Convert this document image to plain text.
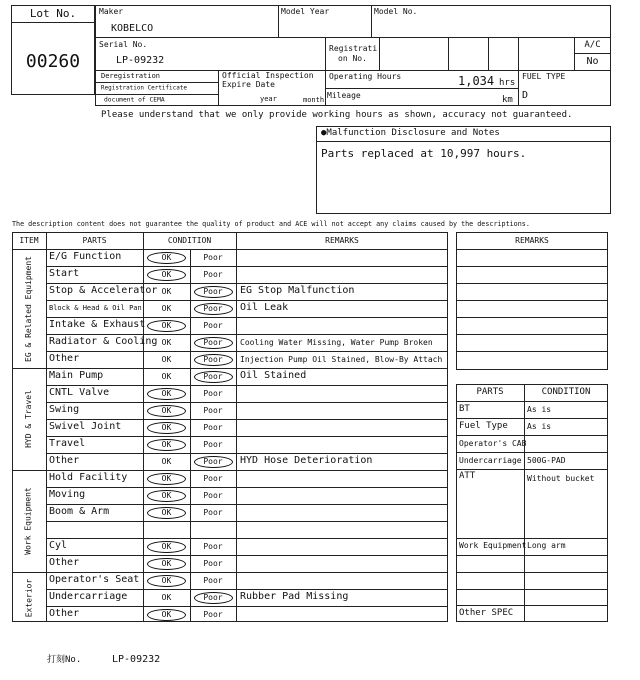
Lot No.
00260
Maker
KOBELCO
Model Year	Model No.
Serial No.
LP-09232
Registrati
on No.
A/C
No
Deregistration
Registration Certificate
document of CEMA
Official Inspection
Expire Date
year	month
Operating Hours	1,034 hrs
Mileage	km
FUEL TYPE
D
Please understand that we only provide working hours as shown, accuracy not guaranteed.
●Malfunction Disclosure and Notes
Parts replaced at 10,997 hours.
The description content does not guarantee the quality of product and ACE will not accept any claims caused by the descriptions.
ITEM	PARTS	CONDITION	REMARKS
E/G Function	OK	Poor
Start	OK	Poor
Stop & Accelerator OK	Poor	EG Stop Malfunction
Block & Head & Oil Pan	OK	Poor	Oil Leak
Intake & Exhaust	OK	Poor
Radiator & Cooling OK	Poor	Cooling Water Missing, Water Pump Broken
Other	OK	Poor	Injection Pump Oil Stained, Blow-By Attach
EG & Related Equipment
Main Pump	OK	Poor	Oil Stained
CNTL Valve	OK	Poor
Swing	OK	Poor
Swivel Joint	OK	Poor
Travel	OK	Poor
Other	OK	Poor	HYD Hose Deterioration
HYD & Travel
Hold Facility	OK	Poor
Moving	OK	Poor
Boom & Arm	OK	Poor
Cyl	OK	Poor
Other	OK	Poor
Work Equipment
Operator's Seat	OK	Poor
Undercarriage	OK	Poor	Rubber Pad Missing
Other	OK	Poor
Exterior
REMARKS
PARTS	CONDITION
BT	As is
Fuel Type As is
Operator's CAB
Undercarriage 500G-PAD
ATT	Without bucket
Work Equipment Long arm
Other SPEC
打刻No.	LP-09232
